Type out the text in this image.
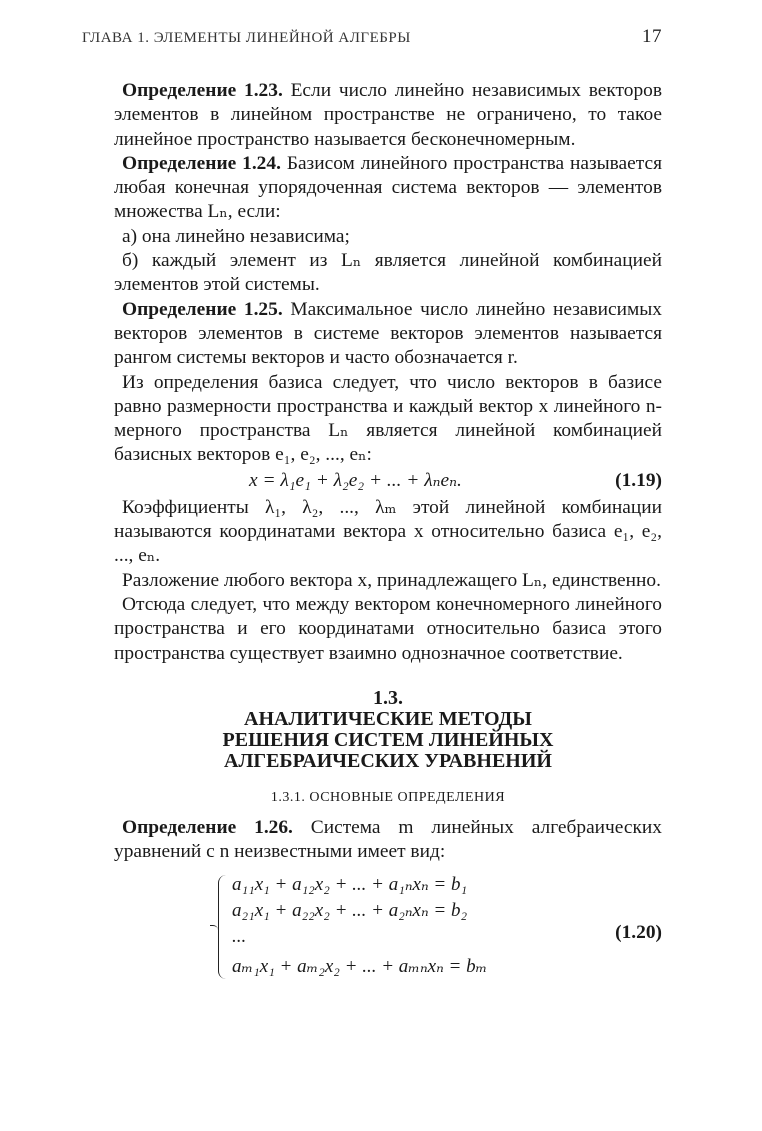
ГЛАВА 1. ЭЛЕМЕНТЫ ЛИНЕЙНОЙ АЛГЕБРЫ	17

Определение 1.23. Если число линейно независимых векторов элементов в линейном пространстве не ограничено, то такое линейное пространство называется бесконечномерным.

Определение 1.24. Базисом линейного пространства называется любая конечная упорядоченная система векторов — элементов множества Lₙ, если:

а) она линейно независима;

б) каждый элемент из Lₙ является линейной комбинацией элементов этой системы.

Определение 1.25. Максимальное число линейно независимых векторов элементов в системе векторов элементов называется рангом системы векторов и часто обозначается r.

Из определения базиса следует, что число векторов в базисе равно размерности пространства и каждый вектор x линейного n-мерного пространства Lₙ является линейной комбинацией базисных векторов e₁, e₂, ..., eₙ:

x = λ₁e₁ + λ₂e₂ + ... + λₙeₙ.	(1.19)

Коэффициенты λ₁, λ₂, ..., λₘ этой линейной комбинации называются координатами вектора x относительно базиса e₁, e₂, ..., eₙ.

Разложение любого вектора x, принадлежащего Lₙ, единственно.

Отсюда следует, что между вектором конечномерного линейного пространства и его координатами относительно базиса этого пространства существует взаимно однозначное соответствие.

1.3.
АНАЛИТИЧЕСКИЕ МЕТОДЫ
РЕШЕНИЯ СИСТЕМ ЛИНЕЙНЫХ
АЛГЕБРАИЧЕСКИХ УРАВНЕНИЙ
1.3.1. ОСНОВНЫЕ ОПРЕДЕЛЕНИЯ

Определение 1.26. Система m линейных алгебраических уравнений с n неизвестными имеет вид:

a₁₁x₁ + a₁₂x₂ + ... + a₁ₙxₙ = b₁
a₂₁x₁ + a₂₂x₂ + ... + a₂ₙxₙ = b₂
...
aₘ₁x₁ + aₘ₂x₂ + ... + aₘₙxₙ = bₘ
(1.20)
